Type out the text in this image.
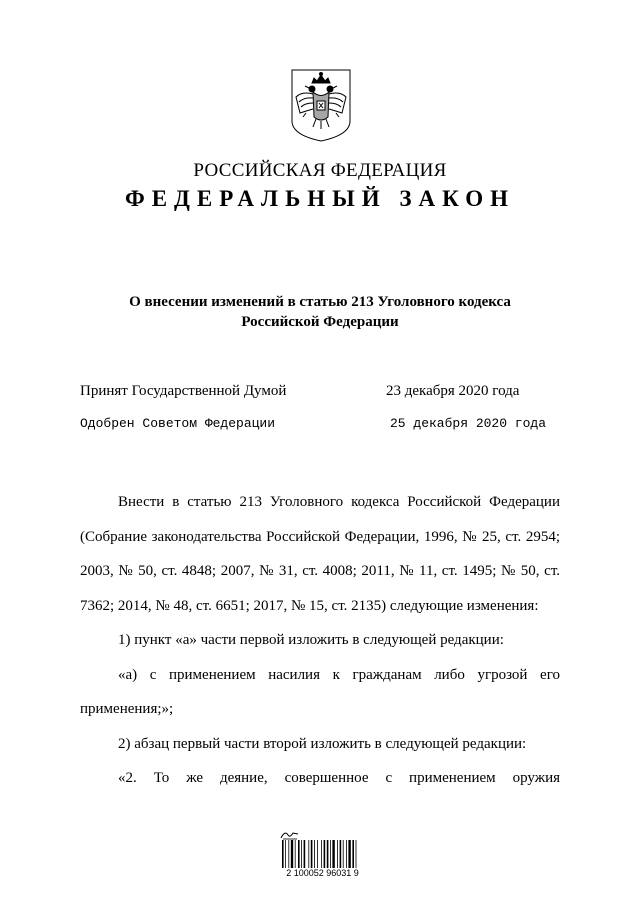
РОССИЙСКАЯ ФЕДЕРАЦИЯ
ФЕДЕРАЛЬНЫЙ ЗАКОН
О внесении изменений в статью 213 Уголовного кодекса
Российской Федерации
Принят Государственной Думой	23 декабря 2020 года
Одобрен Советом Федерации	25 декабря 2020 года

Внести в статью 213 Уголовного кодекса Российской Федерации (Собрание законодательства Российской Федерации, 1996, № 25, ст. 2954; 2003, № 50, ст. 4848; 2007, № 31, ст. 4008; 2011, № 11, ст. 1495; № 50, ст. 7362; 2014, № 48, ст. 6651; 2017, № 15, ст. 2135) следующие изменения:

1) пункт «а» части первой изложить в следующей редакции:

«а) с применением насилия к гражданам либо угрозой его применения;»;

2) абзац первый части второй изложить в следующей редакции:

«2. То же деяние, совершенное с применением оружия

2 100052 96031 9
